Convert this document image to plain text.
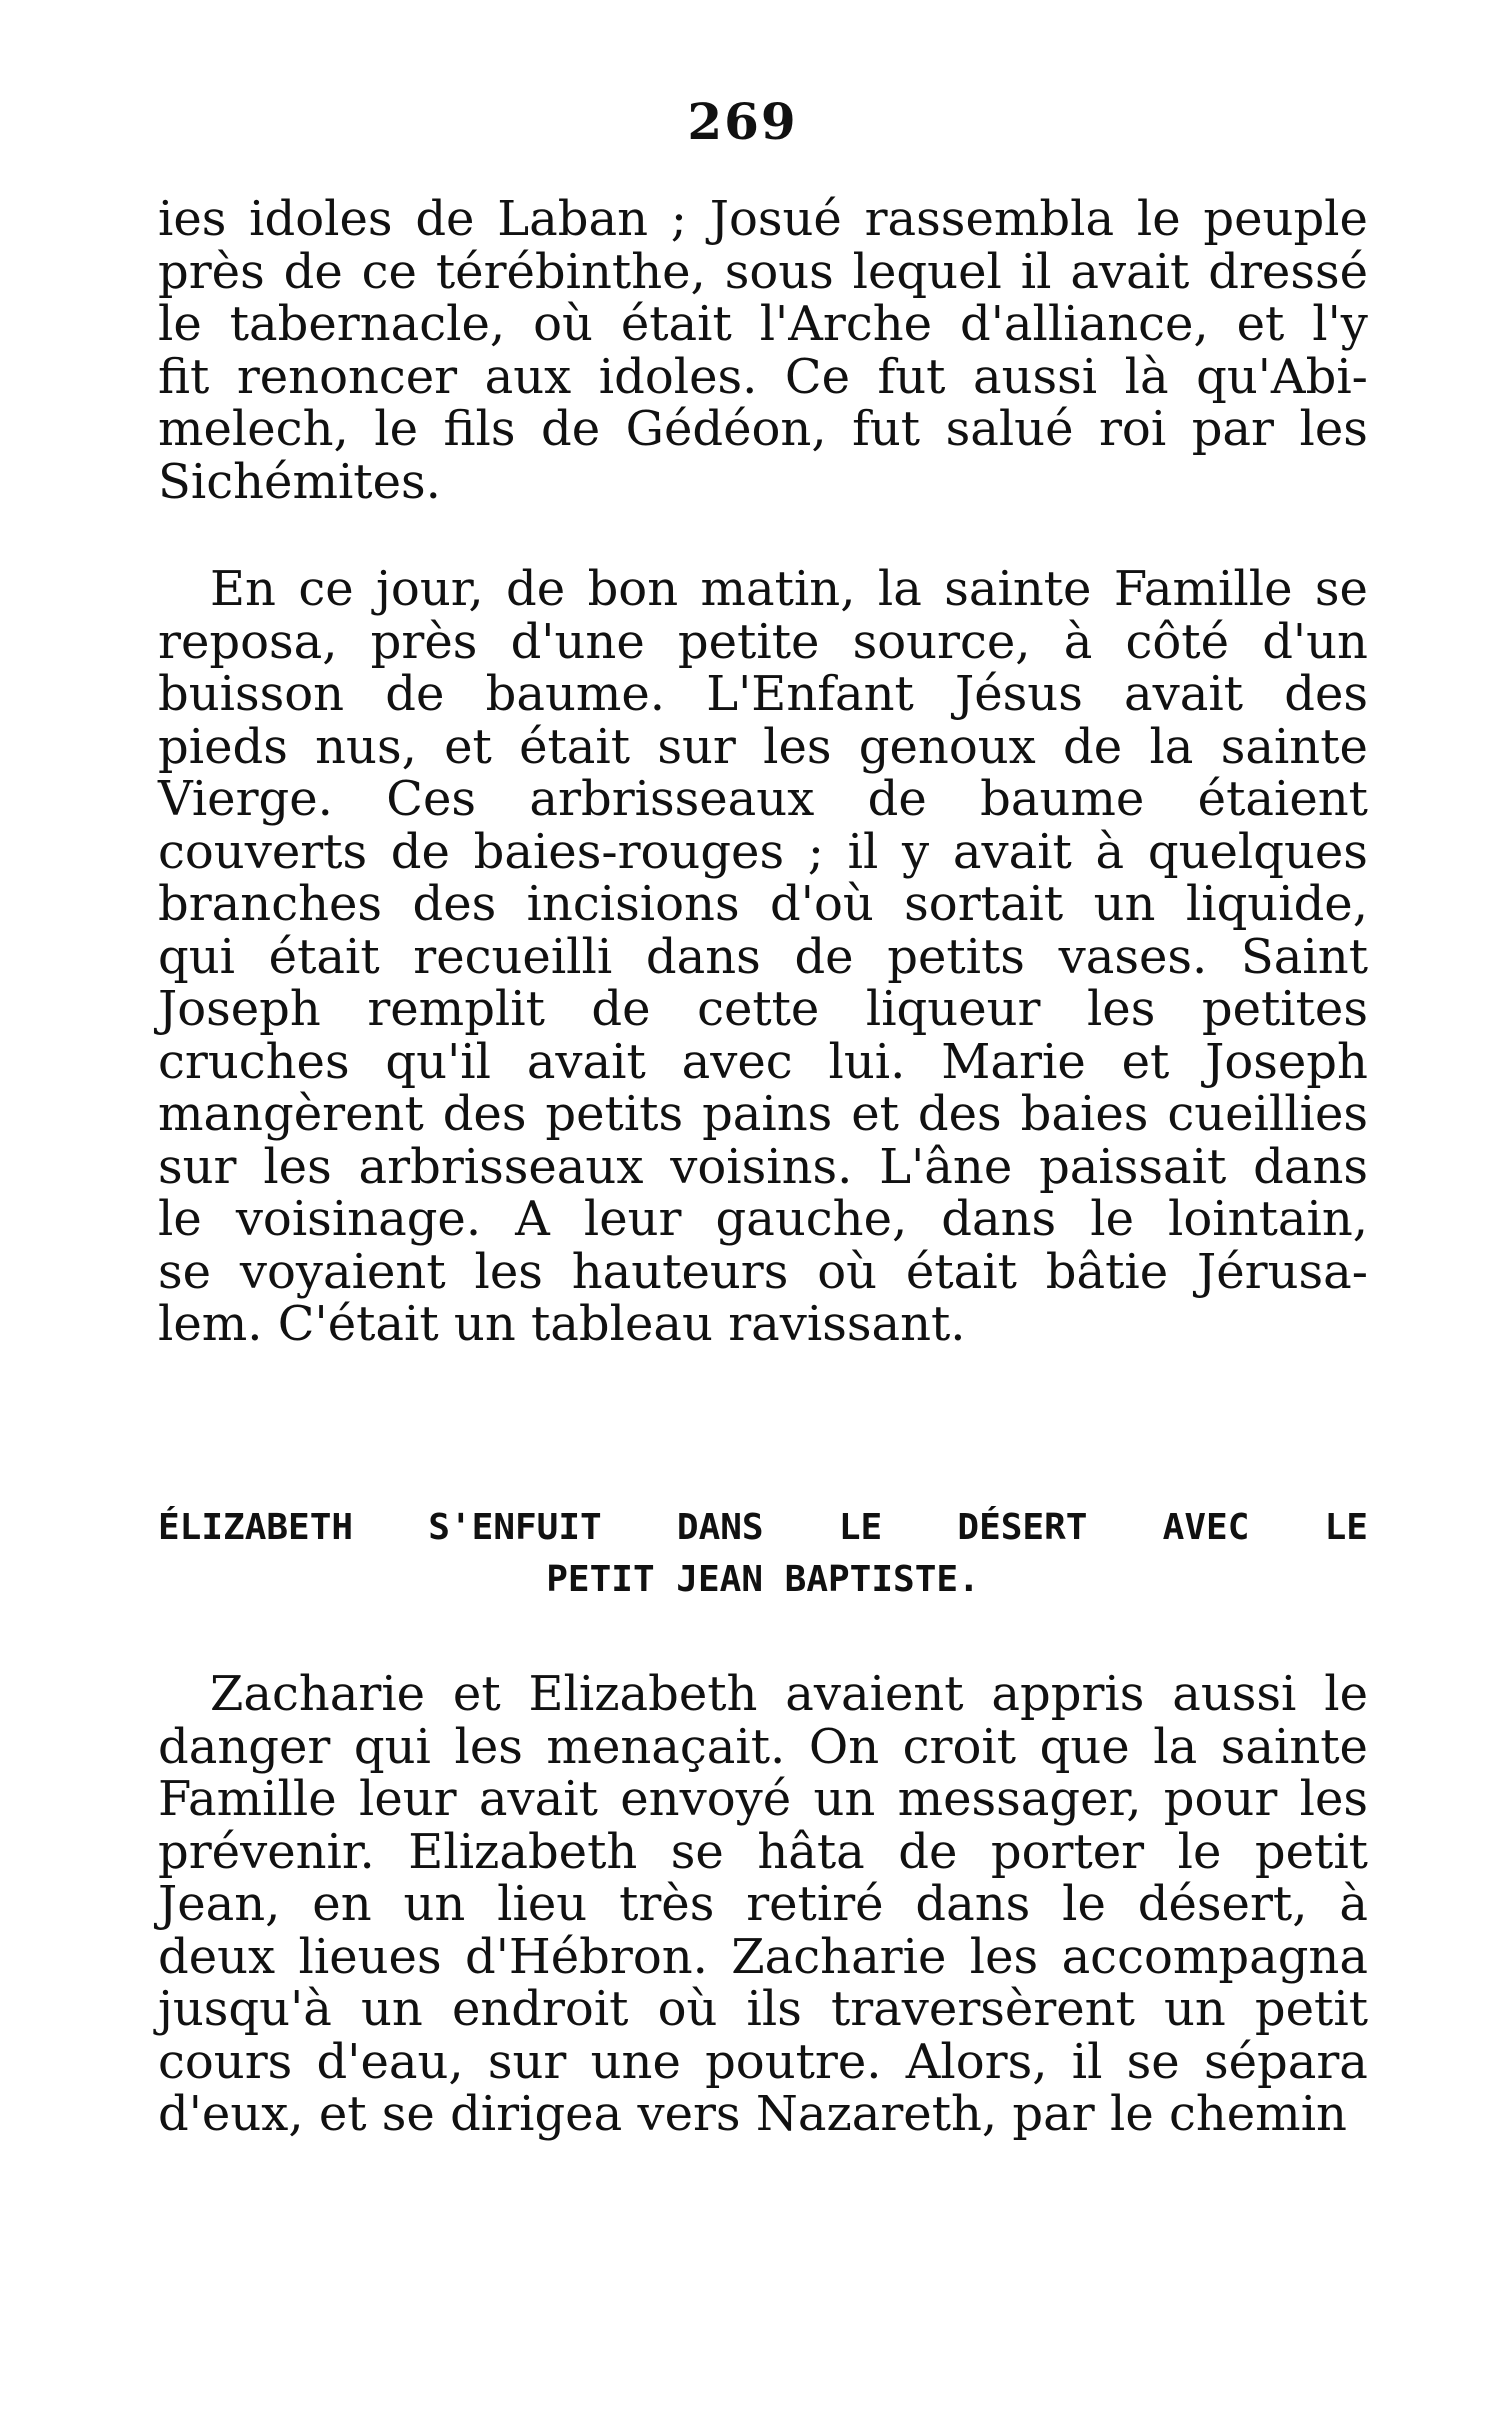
269
ies idoles de Laban ; Josué rassembla le peuple
près de ce térébinthe, sous lequel il avait dressé
le tabernacle, où était l'Arche d'alliance, et l'y
fit renoncer aux idoles. Ce fut aussi là qu'Abi-
melech, le fils de Gédéon, fut salué roi par les
Sichémites.
En ce jour, de bon matin, la sainte Famille se
reposa, près d'une petite source, à côté d'un
buisson de baume. L'Enfant Jésus avait des
pieds nus, et était sur les genoux de la sainte
Vierge. Ces arbrisseaux de baume étaient
couverts de baies-rouges ; il y avait à quelques
branches des incisions d'où sortait un liquide,
qui était recueilli dans de petits vases. Saint
Joseph remplit de cette liqueur les petites
cruches qu'il avait avec lui. Marie et Joseph
mangèrent des petits pains et des baies cueillies
sur les arbrisseaux voisins. L'âne paissait dans
le voisinage. A leur gauche, dans le lointain,
se voyaient les hauteurs où était bâtie Jérusa-
lem. C'était un tableau ravissant.
ÉLIZABETH S'ENFUIT DANS LE DÉSERT AVEC LE
PETIT JEAN BAPTISTE.
Zacharie et Elizabeth avaient appris aussi le
danger qui les menaçait. On croit que la sainte
Famille leur avait envoyé un messager, pour les
prévenir. Elizabeth se hâta de porter le petit
Jean, en un lieu très retiré dans le désert, à
deux lieues d'Hébron. Zacharie les accompagna
jusqu'à un endroit où ils traversèrent un petit
cours d'eau, sur une poutre. Alors, il se sépara
d'eux, et se dirigea vers Nazareth, par le chemin
